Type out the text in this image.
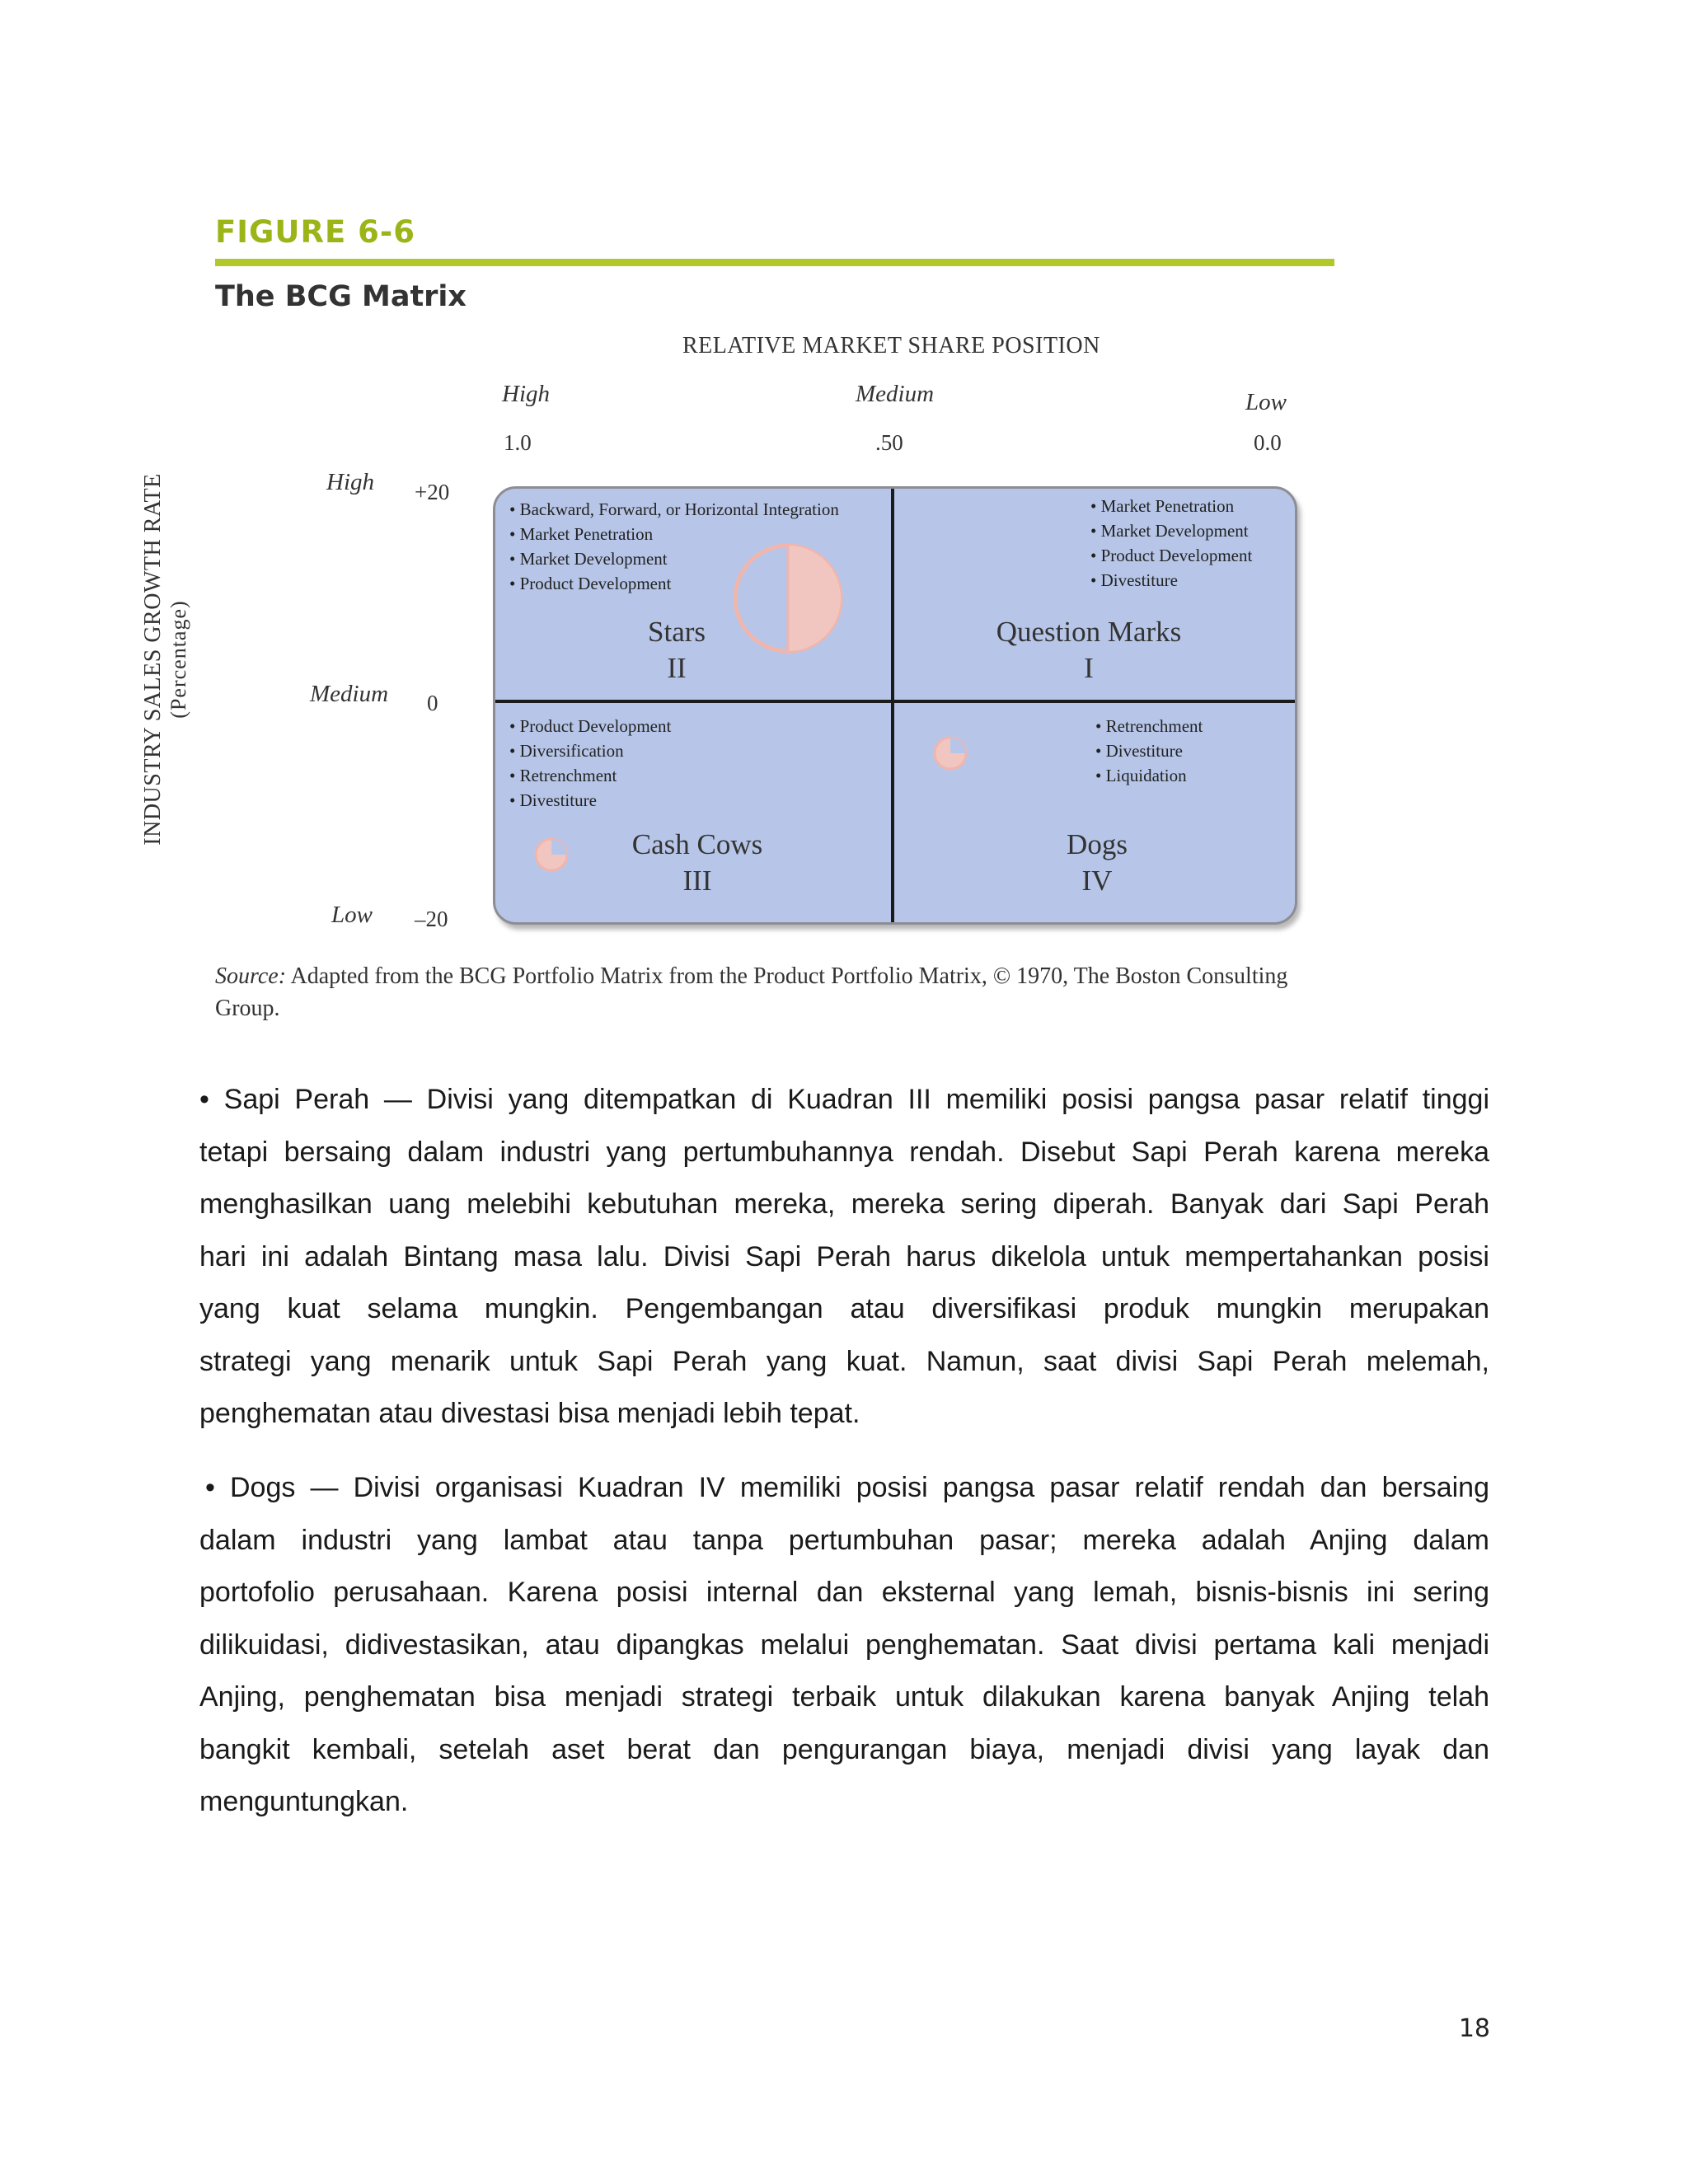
FIGURE 6-6
The BCG Matrix
RELATIVE MARKET SHARE POSITION
High	Medium	Low
1.0	.50	0.0
INDUSTRY SALES GROWTH RATE (Percentage)
High
Medium
Low
+20
0
–20
• Backward, Forward, or Horizontal Integration
• Market Penetration
• Market Development
• Product Development
Stars
II
• Market Penetration
• Market Development
• Product Development
• Divestiture
Question Marks
I
• Product Development
• Diversification
• Retrenchment
• Divestiture
Cash Cows
III
• Retrenchment
• Divestiture
• Liquidation
Dogs
IV
Source: Adapted from the BCG Portfolio Matrix from the Product Portfolio Matrix, © 1970, The Boston Consulting Group.
• Sapi Perah — Divisi yang ditempatkan di Kuadran III memiliki posisi pangsa pasar relatif tinggi
tetapi bersaing dalam industri yang pertumbuhannya rendah. Disebut Sapi Perah karena mereka
menghasilkan uang melebihi kebutuhan mereka, mereka sering diperah. Banyak dari Sapi Perah
hari ini adalah Bintang masa lalu. Divisi Sapi Perah harus dikelola untuk mempertahankan posisi
yang kuat selama mungkin. Pengembangan atau diversifikasi produk mungkin merupakan
strategi yang menarik untuk Sapi Perah yang kuat. Namun, saat divisi Sapi Perah melemah,
penghematan atau divestasi bisa menjadi lebih tepat.
• Dogs — Divisi organisasi Kuadran IV memiliki posisi pangsa pasar relatif rendah dan bersaing
dalam industri yang lambat atau tanpa pertumbuhan pasar; mereka adalah Anjing dalam
portofolio perusahaan. Karena posisi internal dan eksternal yang lemah, bisnis-bisnis ini sering
dilikuidasi, didivestasikan, atau dipangkas melalui penghematan. Saat divisi pertama kali menjadi
Anjing, penghematan bisa menjadi strategi terbaik untuk dilakukan karena banyak Anjing telah
bangkit kembali, setelah aset berat dan pengurangan biaya, menjadi divisi yang layak dan
menguntungkan.
18
